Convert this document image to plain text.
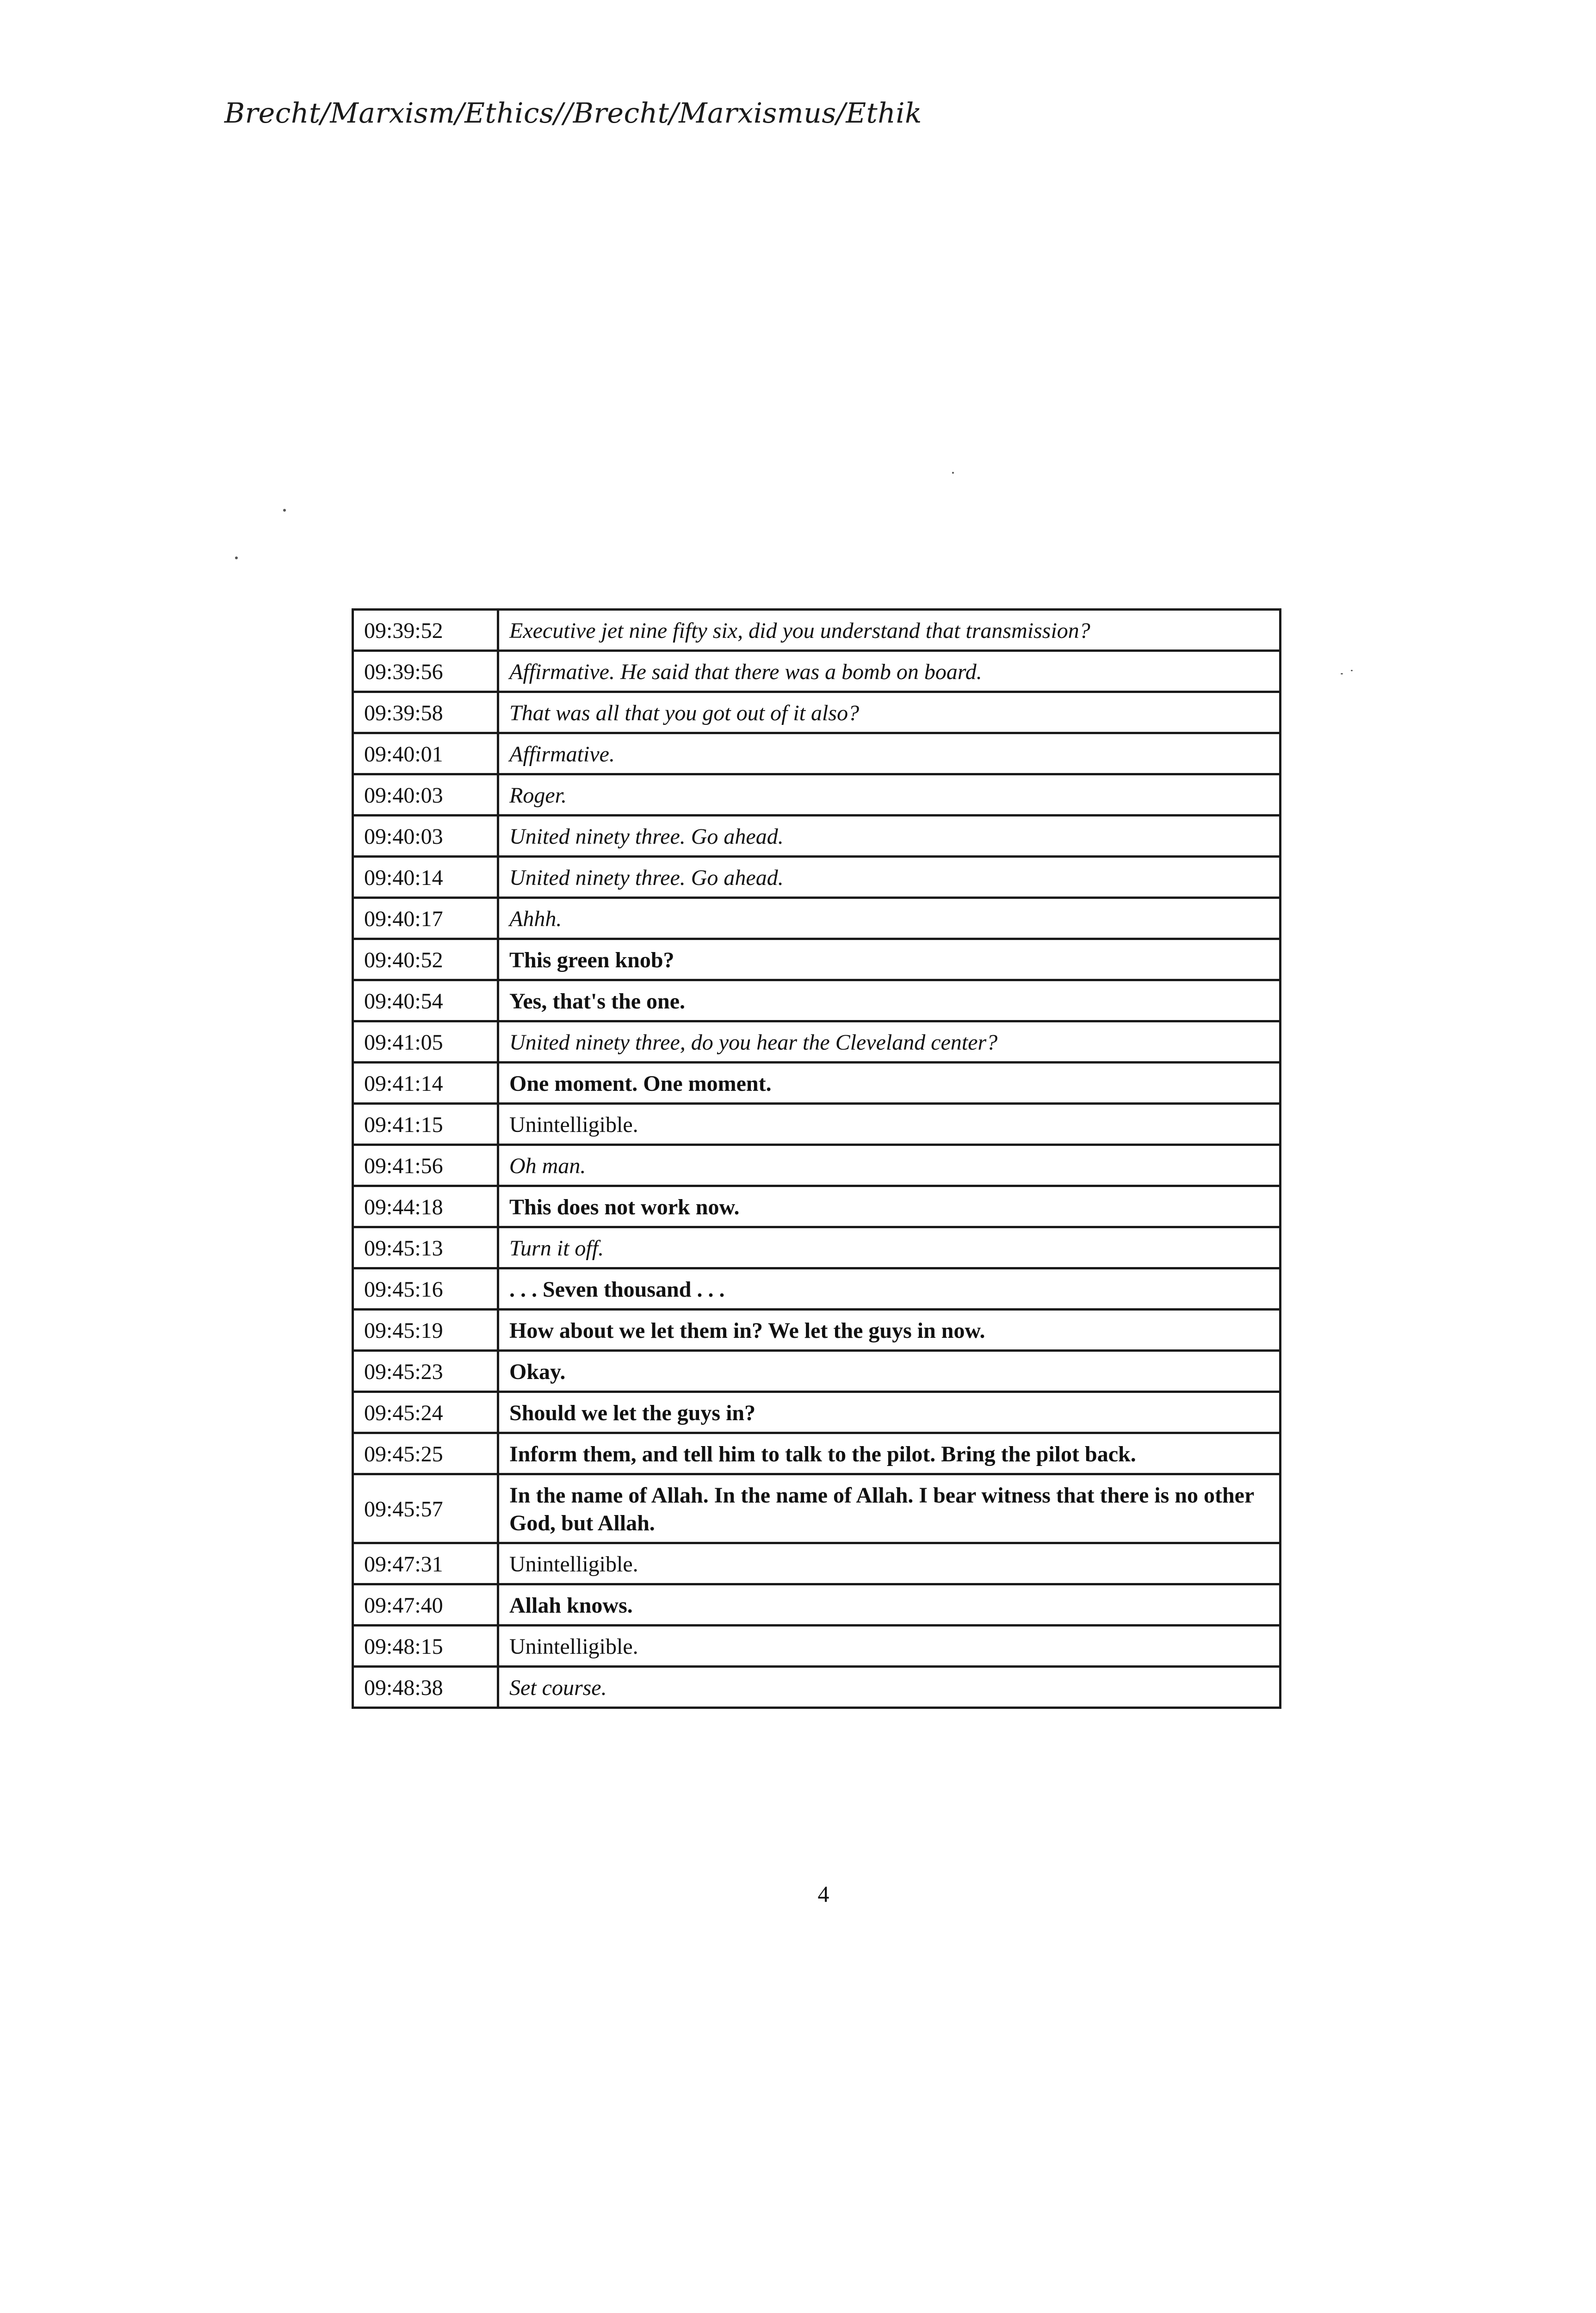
Brecht/Marxism/Ethics//Brecht/Marxismus/Ethik
09:39:52	Executive jet nine fifty six, did you understand that transmission?
09:39:56	Affirmative. He said that there was a bomb on board.
09:39:58	That was all that you got out of it also?
09:40:01	Affirmative.
09:40:03	Roger.
09:40:03	United ninety three. Go ahead.
09:40:14	United ninety three. Go ahead.
09:40:17	Ahhh.
09:40:52	This green knob?
09:40:54	Yes, that's the one.
09:41:05	United ninety three, do you hear the Cleveland center?
09:41:14	One moment. One moment.
09:41:15	Unintelligible.
09:41:56	Oh man.
09:44:18	This does not work now.
09:45:13	Turn it off.
09:45:16	. . . Seven thousand . . .
09:45:19	How about we let them in? We let the guys in now.
09:45:23	Okay.
09:45:24	Should we let the guys in?
09:45:25	Inform them, and tell him to talk to the pilot. Bring the pilot back.
09:45:57	In the name of Allah. In the name of Allah. I bear witness that there is no other God, but Allah.
09:47:31	Unintelligible.
09:47:40	Allah knows.
09:48:15	Unintelligible.
09:48:38	Set course.
4
